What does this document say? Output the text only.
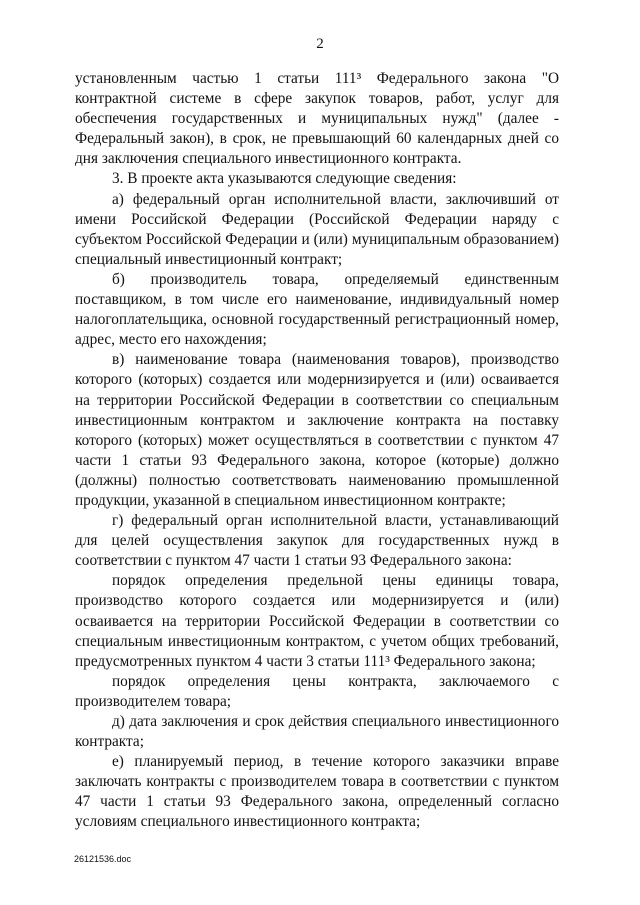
2

установленным частью 1 статьи 111³ Федерального закона "О контрактной системе в сфере закупок товаров, работ, услуг для обеспечения государственных и муниципальных нужд" (далее - Федеральный закон), в срок, не превышающий 60 календарных дней со дня заключения специального инвестиционного контракта.

3. В проекте акта указываются следующие сведения:

а) федеральный орган исполнительной власти, заключивший от имени Российской Федерации (Российской Федерации наряду с субъектом Российской Федерации и (или) муниципальным образованием) специальный инвестиционный контракт;

б) производитель товара, определяемый единственным поставщиком, в том числе его наименование, индивидуальный номер налогоплательщика, основной государственный регистрационный номер, адрес, место его нахождения;

в) наименование товара (наименования товаров), производство которого (которых) создается или модернизируется и (или) осваивается на территории Российской Федерации в соответствии со специальным инвестиционным контрактом и заключение контракта на поставку которого (которых) может осуществляться в соответствии с пунктом 47 части 1 статьи 93 Федерального закона, которое (которые) должно (должны) полностью соответствовать наименованию промышленной продукции, указанной в специальном инвестиционном контракте;

г) федеральный орган исполнительной власти, устанавливающий для целей осуществления закупок для государственных нужд в соответствии с пунктом 47 части 1 статьи 93 Федерального закона:

порядок определения предельной цены единицы товара, производство которого создается или модернизируется и (или) осваивается на территории Российской Федерации в соответствии со специальным инвестиционным контрактом, с учетом общих требований, предусмотренных пунктом 4 части 3 статьи 111³ Федерального закона;

порядок определения цены контракта, заключаемого с производителем товара;

д) дата заключения и срок действия специального инвестиционного контракта;

е) планируемый период, в течение которого заказчики вправе заключать контракты с производителем товара в соответствии с пунктом 47 части 1 статьи 93 Федерального закона, определенный согласно условиям специального инвестиционного контракта;

26121536.doc
